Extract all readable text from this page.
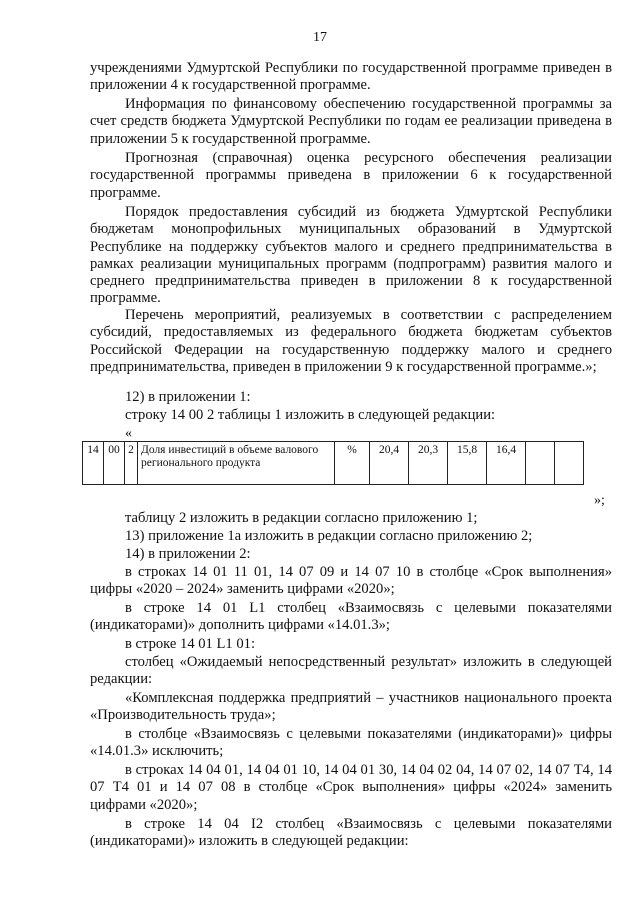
17
учреждениями Удмуртской Республики по государственной программе приведен в приложении 4 к государственной программе.
Информация по финансовому обеспечению государственной программы за счет средств бюджета Удмуртской Республики по годам ее реализации приведена в приложении 5 к государственной программе.
Прогнозная (справочная) оценка ресурсного обеспечения реализации государственной программы приведена в приложении 6 к государственной программе.
Порядок предоставления субсидий из бюджета Удмуртской Республики бюджетам монопрофильных муниципальных образований в Удмуртской Республике на поддержку субъектов малого и среднего предпринимательства в рамках реализации муниципальных программ (подпрограмм) развития малого и среднего предпринимательства приведен в приложении 8 к государственной программе.
Перечень мероприятий, реализуемых в соответствии с распределением субсидий, предоставляемых из федерального бюджета бюджетам субъектов Российской Федерации на государственную поддержку малого и среднего предпринимательства, приведен в приложении 9 к государственной программе.»;
12) в приложении 1:
строку 14 00 2 таблицы 1 изложить в следующей редакции:
«
14	00	2	Доля инвестиций в объеме валового регионального продукта	%	20,4	20,3	15,8	16,4		
»;
таблицу 2 изложить в редакции согласно приложению 1;
13) приложение 1а изложить в редакции согласно приложению 2;
14) в приложении 2:
в строках 14 01 11 01, 14 07 09 и 14 07 10 в столбце «Срок выполнения» цифры «2020 – 2024» заменить цифрами «2020»;
в строке 14 01 L1 столбец «Взаимосвязь с целевыми показателями (индикаторами)» дополнить цифрами «14.01.3»;
в строке 14 01 L1 01:
столбец «Ожидаемый непосредственный результат» изложить в следующей редакции:
«Комплексная поддержка предприятий – участников национального проекта «Производительность труда»;
в столбце «Взаимосвязь с целевыми показателями (индикаторами)» цифры «14.01.3» исключить;
в строках 14 04 01, 14 04 01 10, 14 04 01 30, 14 04 02 04, 14 07 02, 14 07 Т4, 14 07 Т4 01 и 14 07 08 в столбце «Срок выполнения» цифры «2024» заменить цифрами «2020»;
в строке 14 04 I2 столбец «Взаимосвязь с целевыми показателями (индикаторами)» изложить в следующей редакции:
